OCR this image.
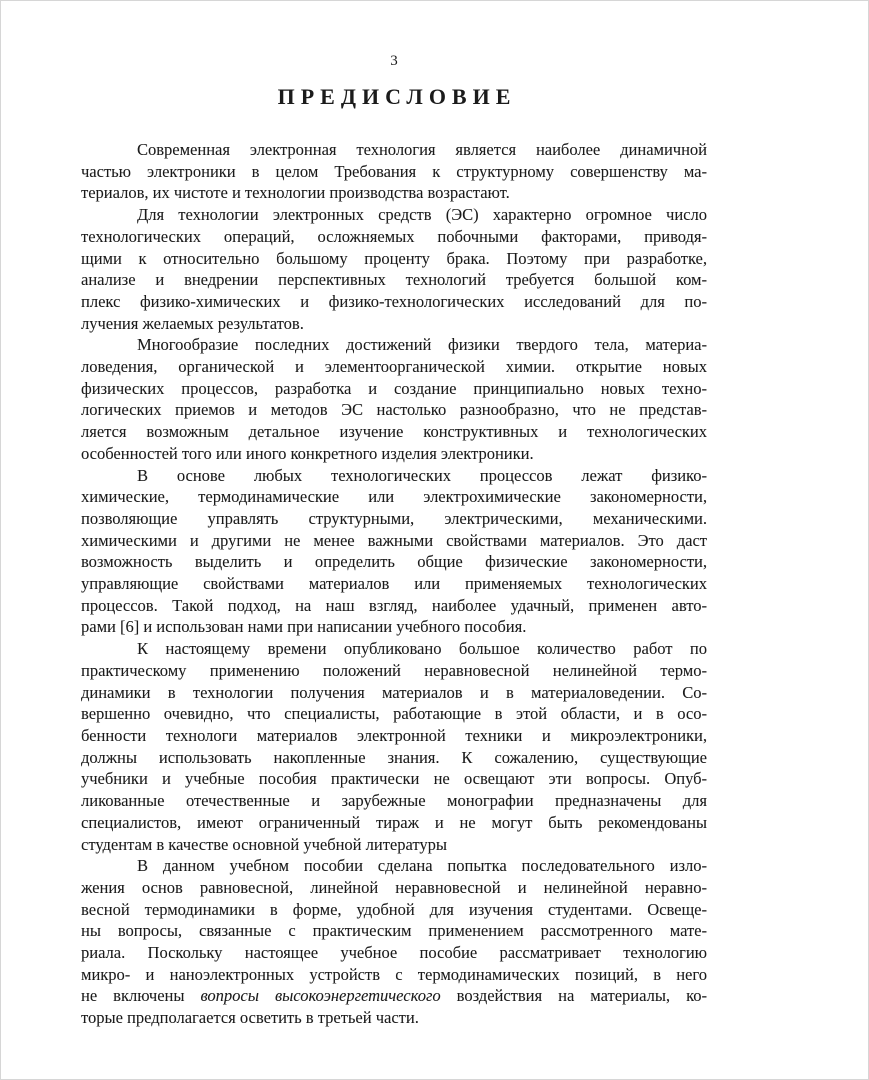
3
ПРЕДИСЛОВИЕ
Современная электронная технология является наиболее динамичной
частью электроники в целом Требования к структурному совершенству ма-
териалов, их чистоте и технологии производства возрастают.
Для технологии электронных средств (ЭС) характерно огромное число
технологических операций, осложняемых побочными факторами, приводя-
щими к относительно большому проценту брака. Поэтому при разработке,
анализе и внедрении перспективных технологий требуется большой ком-
плекс физико-химических и физико-технологических исследований для по-
лучения желаемых результатов.
Многообразие последних достижений физики твердого тела, материа-
ловедения, органической и элементоорганической химии. открытие новых
физических процессов, разработка и создание принципиально новых техно-
логических приемов и методов ЭС настолько разнообразно, что не представ-
ляется возможным детальное изучение конструктивных и технологических
особенностей того или иного конкретного изделия электроники.
В основе любых технологических процессов лежат физико-
химические, термодинамические или электрохимические закономерности,
позволяющие управлять структурными, электрическими, механическими.
химическими и другими не менее важными свойствами материалов. Это даст
возможность выделить и определить общие физические закономерности,
управляющие свойствами материалов или применяемых технологических
процессов. Такой подход, на наш взгляд, наиболее удачный, применен авто-
рами [6] и использован нами при написании учебного пособия.
К настоящему времени опубликовано большое количество работ по
практическому применению положений неравновесной нелинейной термо-
динамики в технологии получения материалов и в материаловедении. Со-
вершенно очевидно, что специалисты, работающие в этой области, и в осо-
бенности технологи материалов электронной техники и микроэлектроники,
должны использовать накопленные знания. К сожалению, существующие
учебники и учебные пособия практически не освещают эти вопросы. Опуб-
ликованные отечественные и зарубежные монографии предназначены для
специалистов, имеют ограниченный тираж и не могут быть рекомендованы
студентам в качестве основной учебной литературы
В данном учебном пособии сделана попытка последовательного изло-
жения основ равновесной, линейной неравновесной и нелинейной неравно-
весной термодинамики в форме, удобной для изучения студентами. Освеще-
ны вопросы, связанные с практическим применением рассмотренного мате-
риала. Поскольку настоящее учебное пособие рассматривает технологию
микро- и наноэлектронных устройств с термодинамических позиций, в него
не включены вопросы высокоэнергетического воздействия на материалы, ко-
торые предполагается осветить в третьей части.
